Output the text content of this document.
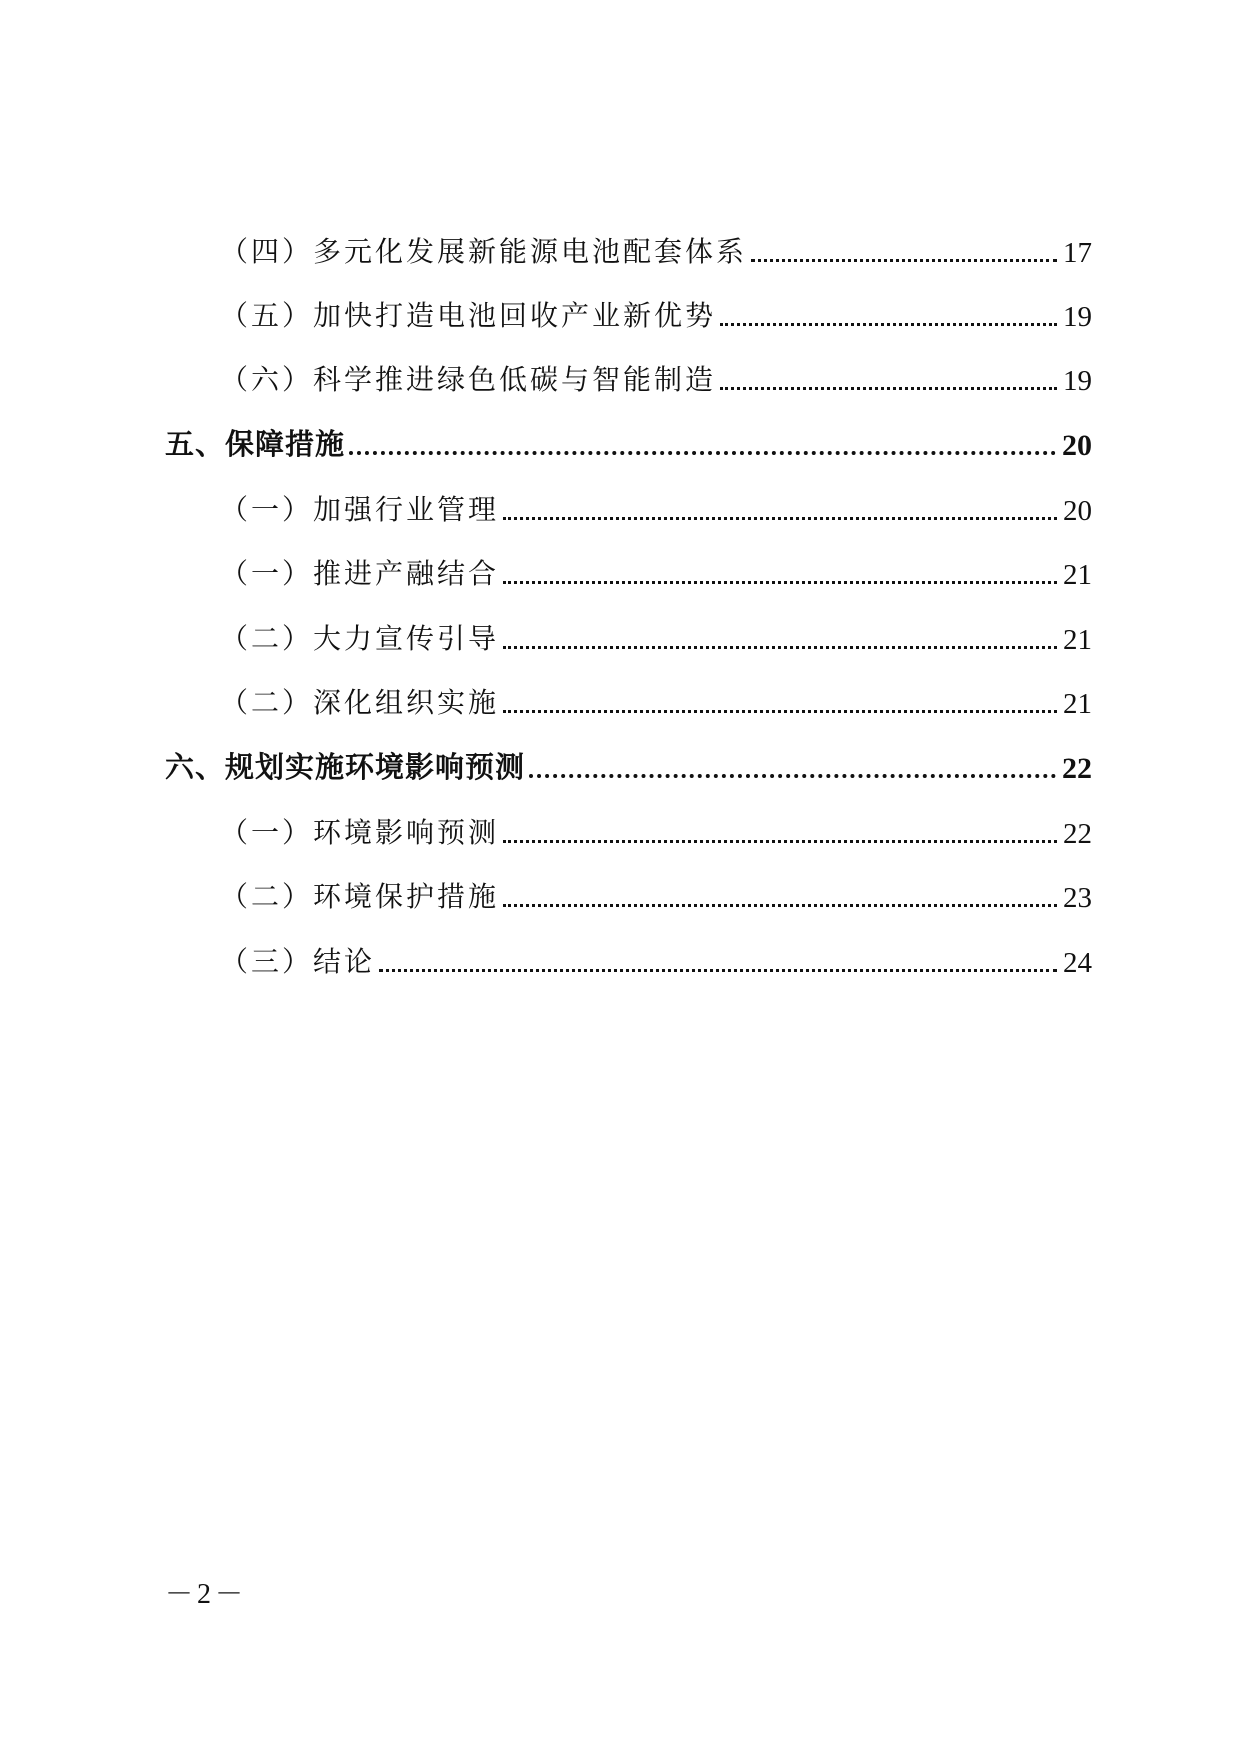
（四）多元化发展新能源电池配套体系	17
（五）加快打造电池回收产业新优势	19
（六）科学推进绿色低碳与智能制造	19
五、保障措施	20
（一）加强行业管理	20
（一）推进产融结合	21
（二）大力宣传引导	21
（二）深化组织实施	21
六、规划实施环境影响预测	22
（一）环境影响预测	22
（二）环境保护措施	23
（三）结论	24
－2－
